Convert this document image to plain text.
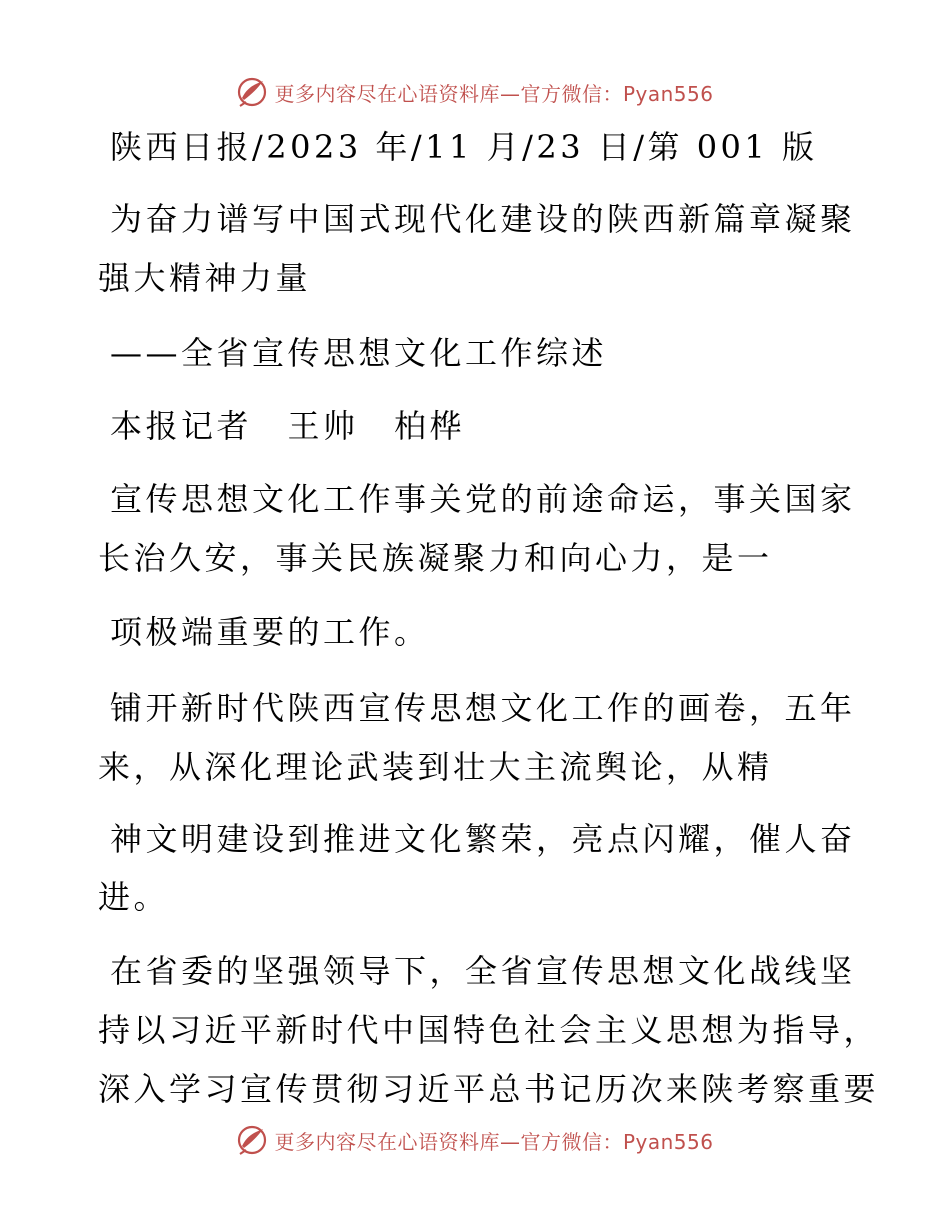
更多内容尽在心语资料库—官方微信：Pyan556
陕西日报/2023 年/11 月/23 日/第 001 版
为奋力谱写中国式现代化建设的陕西新篇章凝聚
强大精神力量
——全省宣传思想文化工作综述
本报记者　王帅　柏桦
宣传思想文化工作事关党的前途命运，事关国家
长治久安，事关民族凝聚力和向心力，是一
项极端重要的工作。
铺开新时代陕西宣传思想文化工作的画卷，五年
来，从深化理论武装到壮大主流舆论，从精
神文明建设到推进文化繁荣，亮点闪耀，催人奋
进。
在省委的坚强领导下，全省宣传思想文化战线坚
持以习近平新时代中国特色社会主义思想为指导，
深入学习宣传贯彻习近平总书记历次来陕考察重要
更多内容尽在心语资料库—官方微信：Pyan556
